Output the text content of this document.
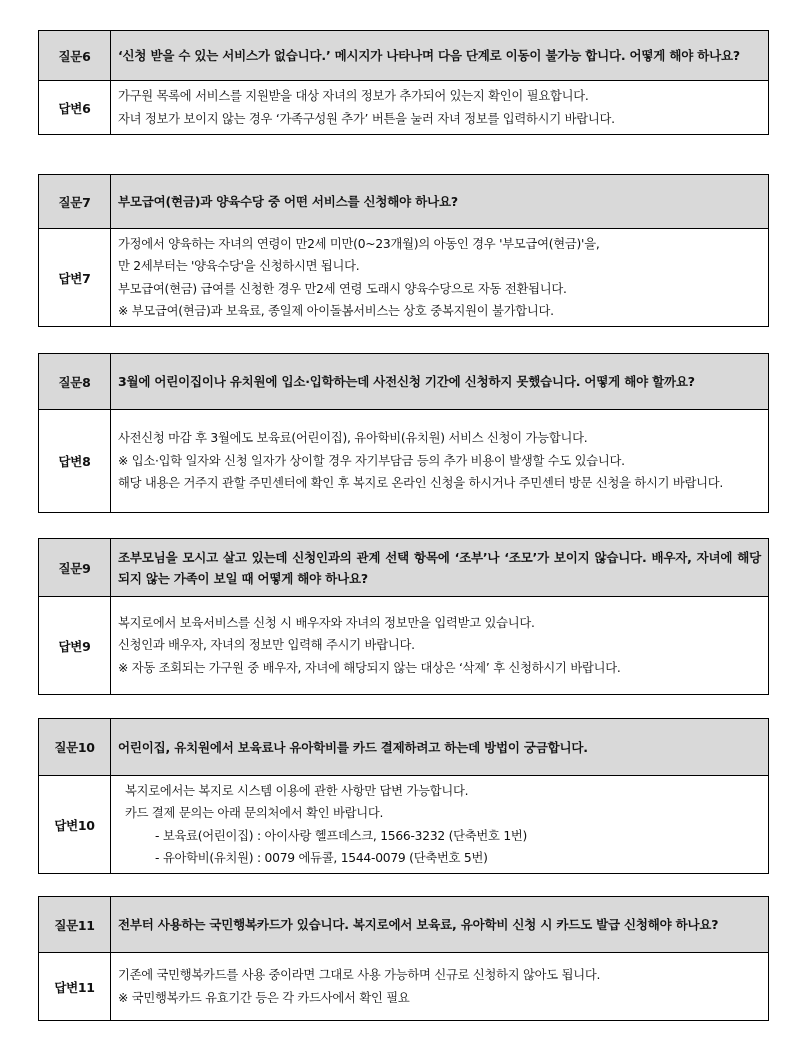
질문6	‘신청 받을 수 있는 서비스가 없습니다.’ 메시지가 나타나며 다음 단계로 이동이 불가능 합니다. 어떻게 해야 하나요?
답변6	가구원 목록에 서비스를 지원받을 대상 자녀의 정보가 추가되어 있는지 확인이 필요합니다.
자녀 정보가 보이지 않는 경우 ‘가족구성원 추가’ 버튼을 눌러 자녀 정보를 입력하시기 바랍니다.
질문7	부모급여(현금)과 양육수당 중 어떤 서비스를 신청해야 하나요?
답변7	가정에서 양육하는 자녀의 연령이 만2세 미만(0~23개월)의 아동인 경우 '부모급여(현금)'을,
만 2세부터는 '양육수당'을 신청하시면 됩니다.
부모급여(현금) 급여를 신청한 경우 만2세 연령 도래시 양육수당으로 자동 전환됩니다.
※ 부모급여(현금)과 보육료, 종일제 아이돌봄서비스는 상호 중복지원이 불가합니다.
질문8	3월에 어린이집이나 유치원에 입소·입학하는데 사전신청 기간에 신청하지 못했습니다. 어떻게 해야 할까요?
답변8	사전신청 마감 후 3월에도 보육료(어린이집), 유아학비(유치원) 서비스 신청이 가능합니다.
※ 입소·입학 일자와 신청 일자가 상이할 경우 자기부담금 등의 추가 비용이 발생할 수도 있습니다.
해당 내용은 거주지 관할 주민센터에 확인 후 복지로 온라인 신청을 하시거나 주민센터 방문 신청을 하시기 바랍니다.
질문9	조부모님을 모시고 살고 있는데 신청인과의 관계 선택 항목에 ‘조부’나 ‘조모’가 보이지 않습니다. 배우자, 자녀에 해당되지 않는 가족이 보일 때 어떻게 해야 하나요?
답변9	복지로에서 보육서비스를 신청 시 배우자와 자녀의 정보만을 입력받고 있습니다.
신청인과 배우자, 자녀의 정보만 입력해 주시기 바랍니다.
※ 자동 조회되는 가구원 중 배우자, 자녀에 해당되지 않는 대상은 ‘삭제’ 후 신청하시기 바랍니다.
질문10	어린이집, 유치원에서 보육료나 유아학비를 카드 결제하려고 하는데 방법이 궁금합니다.
답변10	복지로에서는 복지로 시스템 이용에 관한 사항만 답변 가능합니다.
카드 결제 문의는 아래 문의처에서 확인 바랍니다.
- 보육료(어린이집) : 아이사랑 헬프데스크, 1566-3232 (단축번호 1번)
- 유아학비(유치원) : 0079 에듀콜, 1544-0079 (단축번호 5번)
질문11	전부터 사용하는 국민행복카드가 있습니다. 복지로에서 보육료, 유아학비 신청 시 카드도 발급 신청해야 하나요?
답변11	기존에 국민행복카드를 사용 중이라면 그대로 사용 가능하며 신규로 신청하지 않아도 됩니다.
※ 국민행복카드 유효기간 등은 각 카드사에서 확인 필요
